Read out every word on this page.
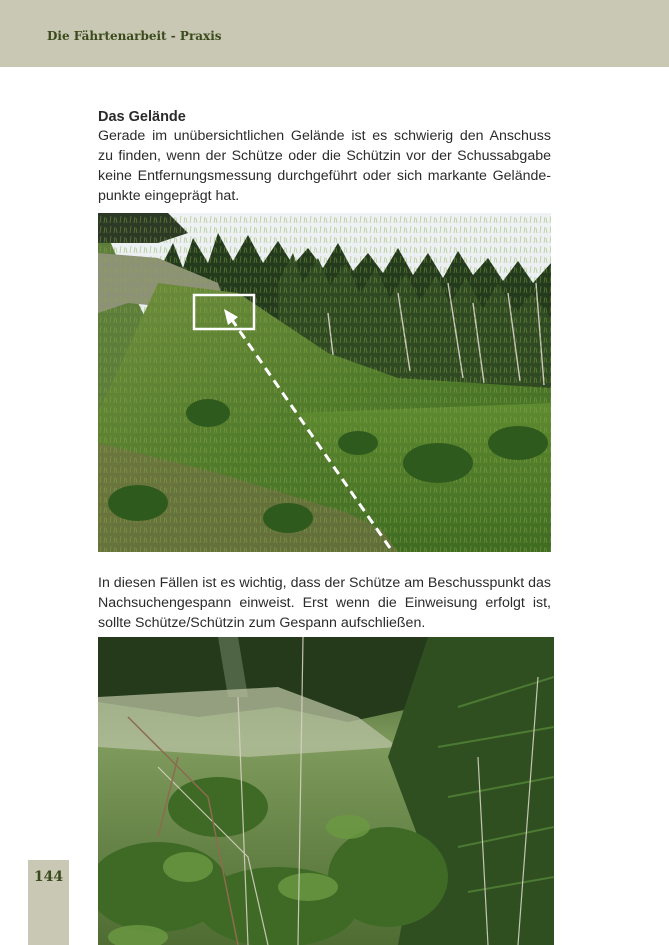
Die Fährtenarbeit - Praxis
Das Gelände

Gerade im unübersichtlichen Gelände ist es schwierig den Anschuss
zu finden, wenn der Schütze oder die Schützin vor der Schussabgabe
keine Entfernungsmessung durchgeführt oder sich markante Gelände-
punkte eingeprägt hat.

In diesen Fällen ist es wichtig, dass der Schütze am Beschusspunkt das
Nachsuchengespann einweist. Erst wenn die Einweisung erfolgt ist,
sollte Schütze/Schützin zum Gespann aufschließen.

144
